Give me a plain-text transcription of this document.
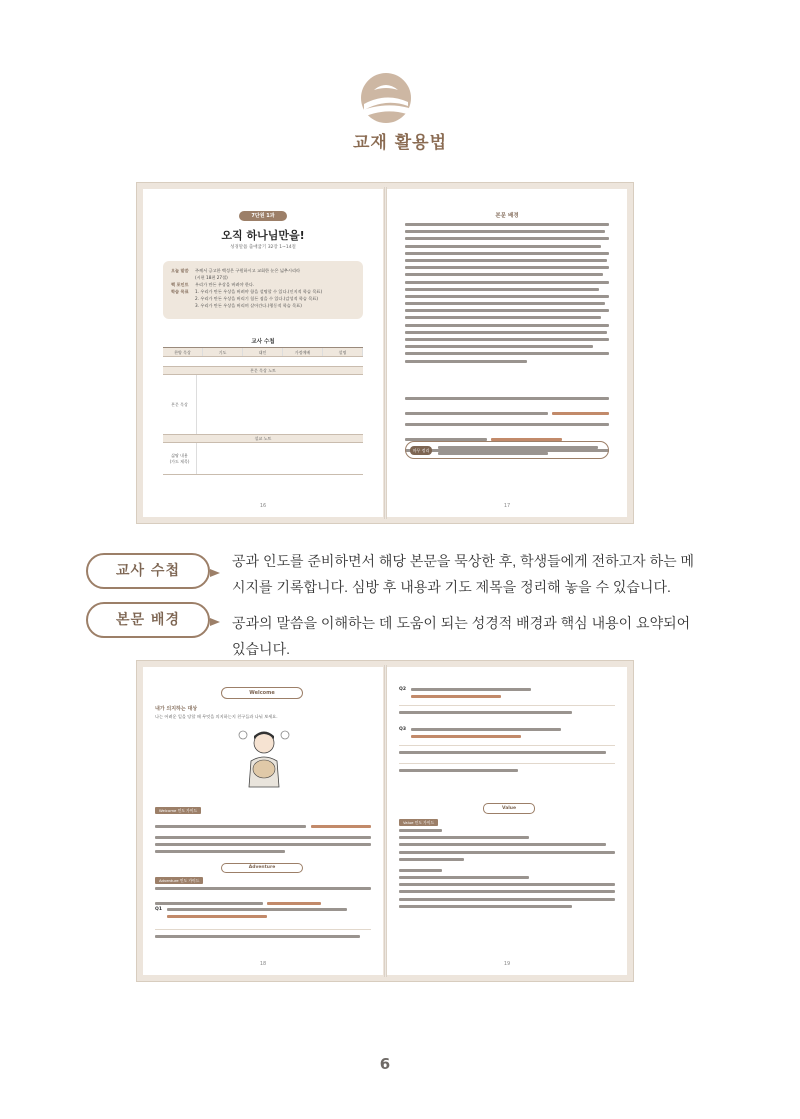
교재 활용법
7단원 1과
오직 하나님만을!
성경말씀 출애굽기 32장 1~14절
오늘 말씀	주께서 긍고한 백성은 구원하시고 교회한 눈은 넓추시리라
(시편 18편 27절)
핵 포인트	우리가 만든 우상을 버려야 한다.
학습 목표	1. 우리가 만든 우상을 버려야 함을 설명할 수 있다.(인지적 학습 목표)
2. 우리가 만든 우상을 버리기 힘든 점을 수 있다.(감성적 학습 목표)
3. 우리가 만든 우상을 버리며 살아간다.(행동적 학습 목표)
교사 수첩
찬양 묵상	기도	대인	가정예배	설명
본문 묵상 노트
본문 묵상
설교 노트
삶땅 내용
(가도 제목)
16
본문 배경
마무 정리
17
교사 수첩
공과 인도를 준비하면서 해당 본문을 묵상한 후, 학생들에게 전하고자 하는 메시지를 기록합니다. 심방 후 내용과 기도 제목을 정리해 놓을 수 있습니다.
본문 배경	공과의 말씀을 이해하는 데 도움이 되는 성경적 배경과 핵심 내용이 요약되어 있습니다.
Welcome
내가 의지하는 대상
나는 어려운 일을 당할 때 무엇을 의지하는지 친구들과 나눠 보세요.
Welcome 인도 가이드
Adventure
Adventure 인도 가이드
Q1
18
Q2
Q3
Value
Value 인도 가이드
19
6
